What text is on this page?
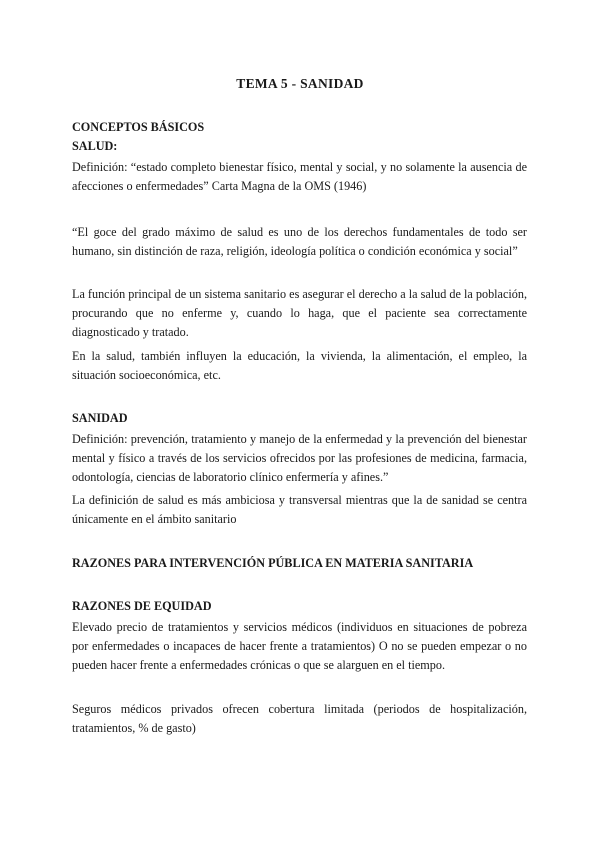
TEMA 5 - SANIDAD
CONCEPTOS BÁSICOS
SALUD:
Definición: “estado completo bienestar físico, mental y social, y no solamente la ausencia de afecciones o enfermedades” Carta Magna de la OMS (1946)
“El goce del grado máximo de salud es uno de los derechos fundamentales de todo ser humano, sin distinción de raza, religión, ideología política o condición económica y social”
La función principal de un sistema sanitario es asegurar el derecho a la salud de la población, procurando que no enferme y, cuando lo haga, que el paciente sea correctamente diagnosticado y tratado.
En la salud, también influyen la educación, la vivienda, la alimentación, el empleo, la situación socioeconómica, etc.
SANIDAD
Definición: prevención, tratamiento y manejo de la enfermedad y la prevención del bienestar mental y físico a través de los servicios ofrecidos por las profesiones de medicina, farmacia, odontología, ciencias de laboratorio clínico enfermería y afines.”
La definición de salud es más ambiciosa y transversal mientras que la de sanidad se centra únicamente en el ámbito sanitario
RAZONES PARA INTERVENCIÓN PÚBLICA EN MATERIA SANITARIA
RAZONES DE EQUIDAD
Elevado precio de tratamientos y servicios médicos (individuos en situaciones de pobreza por enfermedades o incapaces de hacer frente a tratamientos) O no se pueden empezar o no pueden hacer frente a enfermedades crónicas o que se alarguen en el tiempo.
Seguros médicos privados ofrecen cobertura limitada (periodos de hospitalización, tratamientos, % de gasto)
